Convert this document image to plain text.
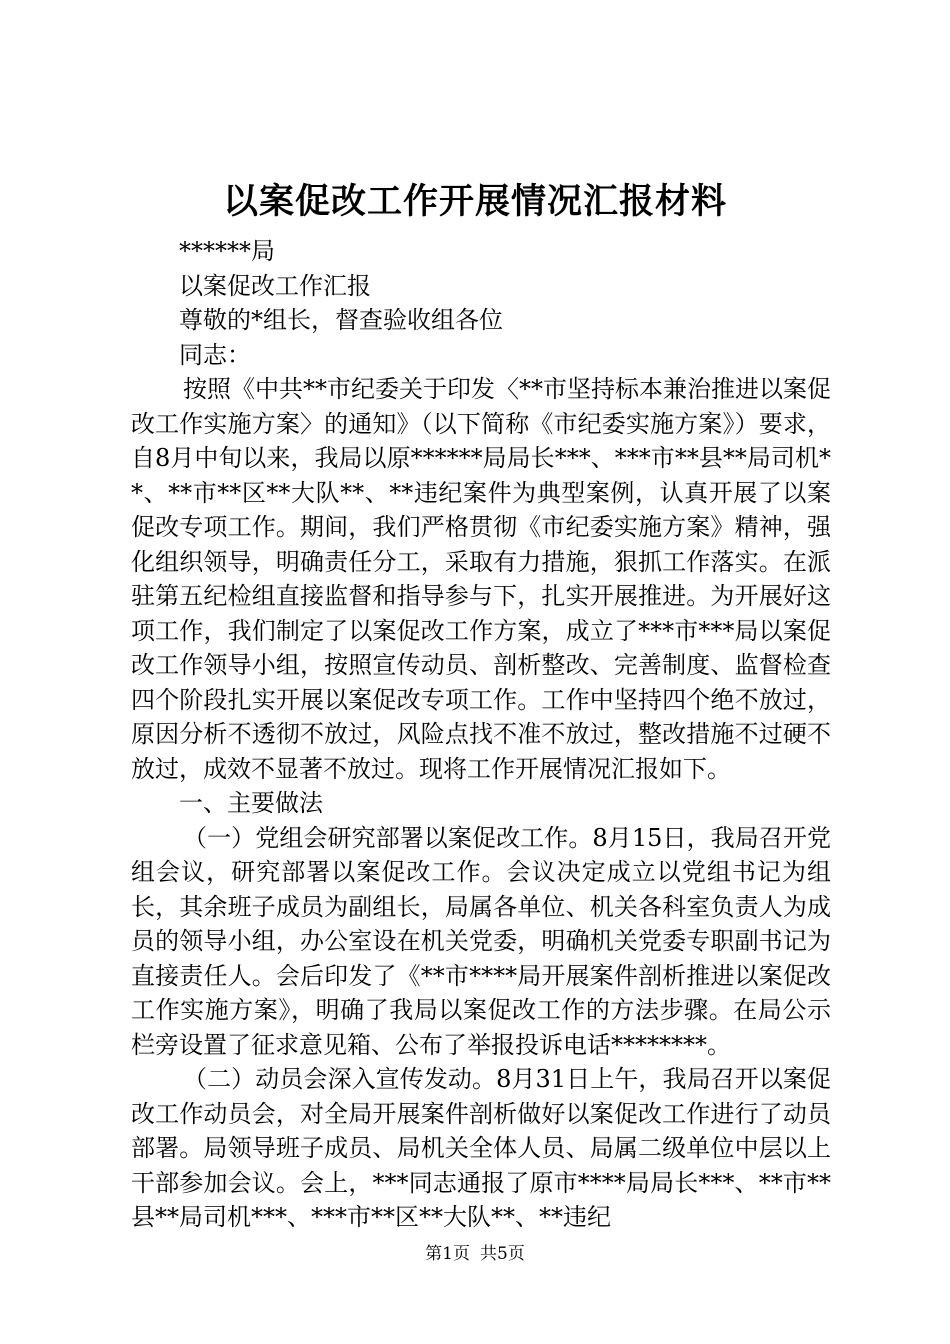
以案促改工作开展情况汇报材料

******局

以案促改工作汇报

尊敬的*组长，督查验收组各位

同志：

按照《中共**市纪委关于印发〈**市坚持标本兼治推进以案促改工作实施方案〉的通知》（以下简称《市纪委实施方案》）要求，自8月中旬以来，我局以原******局局长***、***市**县**局司机**、**市**区**大队**、**违纪案件为典型案例，认真开展了以案促改专项工作。期间，我们严格贯彻《市纪委实施方案》精神，强化组织领导，明确责任分工，采取有力措施，狠抓工作落实。在派驻第五纪检组直接监督和指导参与下，扎实开展推进。为开展好这项工作，我们制定了以案促改工作方案，成立了***市***局以案促改工作领导小组，按照宣传动员、剖析整改、完善制度、监督检查四个阶段扎实开展以案促改专项工作。工作中坚持四个绝不放过，原因分析不透彻不放过，风险点找不准不放过，整改措施不过硬不放过，成效不显著不放过。现将工作开展情况汇报如下。

一、主要做法

（一）党组会研究部署以案促改工作。8月15日，我局召开党组会议，研究部署以案促改工作。会议决定成立以党组书记为组长，其余班子成员为副组长，局属各单位、机关各科室负责人为成员的领导小组，办公室设在机关党委，明确机关党委专职副书记为直接责任人。会后印发了《**市****局开展案件剖析推进以案促改工作实施方案》，明确了我局以案促改工作的方法步骤。在局公示栏旁设置了征求意见箱、公布了举报投诉电话********。

（二）动员会深入宣传发动。8月31日上午，我局召开以案促改工作动员会，对全局开展案件剖析做好以案促改工作进行了动员部署。局领导班子成员、局机关全体人员、局属二级单位中层以上干部参加会议。会上，***同志通报了原市****局局长***、**市**县**局司机***、***市**区**大队**、**违纪

第1页 共5页
